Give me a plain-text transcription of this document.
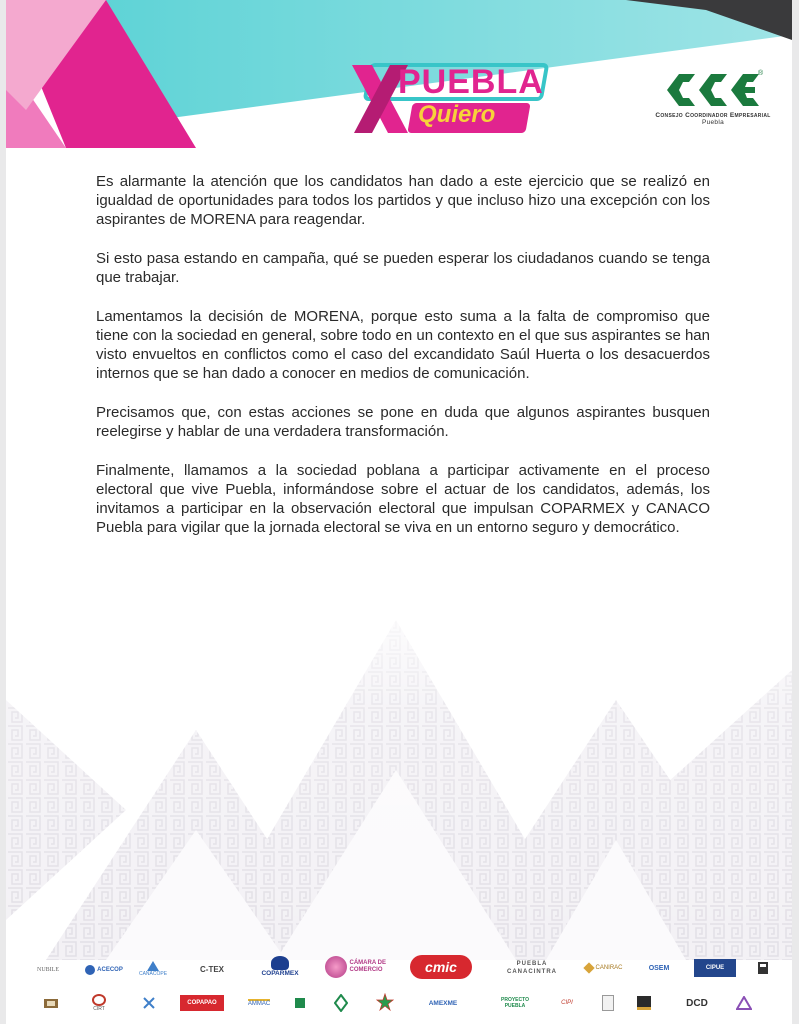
PUEBLA
Quiero
®
Consejo Coordinador Empresarial
Puebla

Es alarmante la atención que los candidatos han dado a este ejercicio que se realizó en igualdad de oportunidades para todos los partidos y que incluso hizo una excepción con los aspirantes de MORENA para reagendar.

Si esto pasa estando en campaña, qué se pueden esperar los ciudadanos cuando se tenga que trabajar.

Lamentamos la decisión de MORENA, porque esto suma a la falta de compromiso que tiene con la sociedad en general, sobre todo en un contexto en el que sus aspirantes se han visto envueltos en conflictos como el caso del excandidato Saúl Huerta o los desacuerdos internos que se han dado a conocer en medios de comunicación.

Precisamos que, con estas acciones se pone en duda que algunos aspirantes busquen reelegirse y hablar de una verdadera transformación.

Finalmente, llamamos a la sociedad poblana a participar activamente en el proceso electoral que vive Puebla, informándose sobre el actuar de los candidatos, además, los invitamos a participar en la observación electoral que impulsan COPARMEX y CANACO Puebla para vigilar que la jornada electoral se viva en un entorno seguro y democrático.

NUBILE	ACECOP
CANACOPE
C-TEX	COPARMEX
CÁMARA DE COMERCIO	cmic	PUEBLA CANACINTRA
CANIRAC	OSEM	CIPUE
CIRT
COPAPAO	AMMAC	AMEXME	PROYECTO PUEBLA	CIPI	DCD
